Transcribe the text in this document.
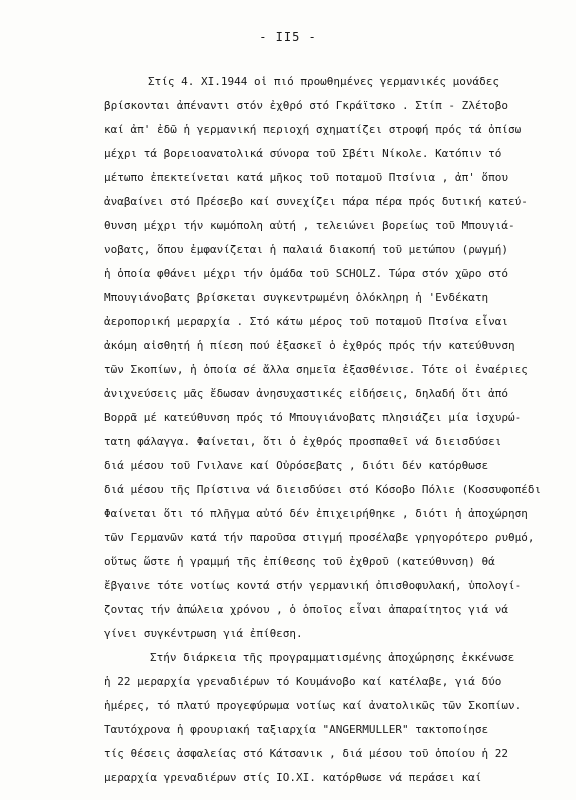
- II5 -
Στίς 4. XI.1944 οἱ πιό προωθημένες γερμανικές μονάδες
βρίσκονται ἀπέναντι στόν ἐχθρό στό Γκράϊτσκο . Στίπ - Ζλέτοβο
καί ἀπ' ἐδῶ ἡ γερμανική περιοχή σχηματίζει στροφή πρός τά ὀπίσω
μέχρι τά βορειοανατολικά σύνορα τοῦ Σβέτι Νίκολε. Κατόπιν τό
μέτωπο ἐπεκτείνεται κατά μῆκος τοῦ ποταμοῦ Πτσίνια , ἀπ' ὅπου
ἀναβαίνει στό Πρέσεβο καί συνεχίζει πάρα πέρα πρός δυτική κατεύ-
θυνση μέχρι τήν κωμόπολη αὐτή , τελειώνει βορείως τοῦ Μπουγιά-
νοβατς, ὅπου ἐμφανίζεται ἡ παλαιά διακοπή τοῦ μετώπου (ρωγμή)
ἡ ὁποία φθάνει μέχρι τήν ὁμάδα τοῦ SCHOLZ. Τώρα στόν χῶρο στό
Μπουγιάνοβατς βρίσκεται συγκεντρωμένη ὁλόκληρη ἡ 'Ενδέκατη
ἀεροπορική μεραρχία . Στό κάτω μέρος τοῦ ποταμοῦ Πτσίνα εἶναι
ἀκόμη αἰσθητή ἡ πίεση πού ἐξασκεῖ ὁ ἐχθρός πρός τήν κατεύθυνση
τῶν Σκοπίων, ἡ ὁποία σέ ἄλλα σημεῖα ἐξασθένισε. Τότε οἱ ἐναέριες
ἀνιχνεύσεις μᾶς ἔδωσαν ἀνησυχαστικές εἰδήσεις, δηλαδή ὅτι ἀπό
Βορρᾶ μέ κατεύθυνση πρός τό Μπουγιάνοβατς πλησιάζει μία ἰσχυρώ-
τατη φάλαγγα. Φαίνεται, ὅτι ὁ ἐχθρός προσπαθεῖ νά διεισδύσει
διά μέσου τοῦ Γνιλανε καί Οὐρόσεβατς , διότι δέν κατόρθωσε
διά μέσου τῆς Πρίστινα νά διεισδύσει στό Κόσοβο Πόλιε (Κοσσυφοπέδι
Φαίνεται ὅτι τό πλῆγμα αὐτό δέν ἐπιχειρήθηκε , διότι ἡ ἀποχώρηση
τῶν Γερμανῶν κατά τήν παροῦσα στιγμή προσέλαβε γρηγορότερο ρυθμό,
οὕτως ὥστε ἡ γραμμή τῆς ἐπίθεσης τοῦ ἐχθροῦ (κατεύθυνση) θά
ἔβγαινε τότε νοτίως κοντά στήν γερμανική ὀπισθοφυλακή, ὑπολογί-
ζοντας τήν ἀπώλεια χρόνου , ὁ ὁποῖος εἶναι ἀπαραίτητος γιά νά
γίνει συγκέντρωση γιά ἐπίθεση.
Στήν διάρκεια τῆς προγραμματισμένης ἀποχώρησης ἐκκένωσε
ἡ 22 μεραρχία γρεναδιέρων τό Κουμάνοβο καί κατέλαβε, γιά δύο
ἡμέρες, τό πλατύ προγεφύρωμα νοτίως καί ἀνατολικῶς τῶν Σκοπίων.
Ταυτόχρονα ἡ φρουριακή ταξιαρχία "ANGERMULLER" τακτοποίησε
τίς θέσεις ἀσφαλείας στό Κάτσανικ , διά μέσου τοῦ ὁποίου ἡ 22
μεραρχία γρεναδιέρων στίς IO.XI. κατόρθωσε νά περάσει καί
